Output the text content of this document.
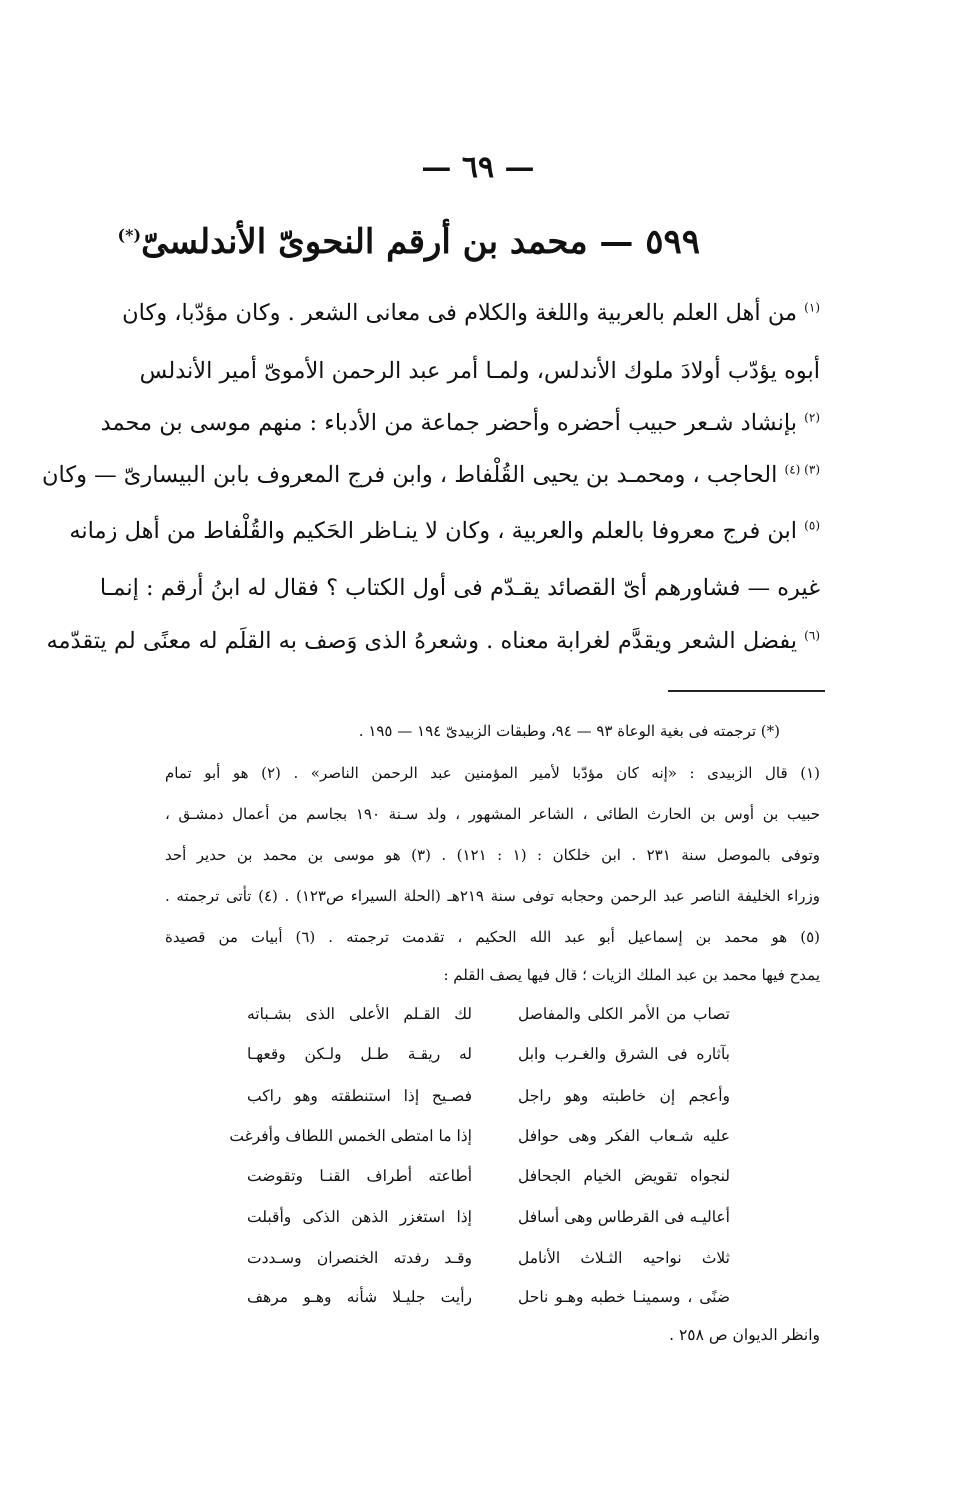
— ٦٩ —
٥٩٩ — محمد بن أرقم النحوىّ الأندلسىّ(*)
$^{(١)}$ من أهل العلم بالعربية واللغة والكلام فى معانى الشعر . وكان مؤدّبا، وكان
أبوه يؤدّب أولادَ ملوك الأندلس، ولمـا أمر عبد الرحمن الأموىّ أمير الأندلس
$^{(٢)}$ بإنشاد شـعر حبيب أحضره وأحضر جماعة من الأدباء : منهم موسى بن محمد
$^{(٣) (٤)}$ الحاجب ، ومحمـد بن يحيى القُلْفاط ، وابن فرج المعروف بابن البيسارىّ — وكان
$^{(٥)}$ ابن فرج معروفا بالعلم والعربية ، وكان لا ينـاظر الحَكيم والقُلْفاط من أهل زمانه
غيره — فشاورهم أىّ القصائد يقـدّم فى أول الكتاب ؟ فقال له ابنُ أرقم : إنمـا
$^{(٦)}$ يفضل الشعر ويقدَّم لغرابة معناه . وشعرهُ الذى وَصف به القلَم له معنًى لم يتقدّمه
(*) ترجمته فى بغية الوعاة ٩٣ — ٩٤، وطبقات الزبيدىّ ١٩٤ — ١٩٥ .
(١) قال الزبيدى : «إنه كان مؤدّبا لأمير المؤمنين عبد الرحمن الناصر» . (٢) هو أبو تمام
حبيب بن أوس بن الحارث الطائى ، الشاعر المشهور ، ولد سـنة ١٩٠ بجاسم من أعمال دمشـق ،
وتوفى بالموصل سنة ٢٣١ . ابن خلكان : (١ : ١٢١) . (٣) هو موسى بن محمد بن حدير أحد
وزراء الخليفة الناصر عبد الرحمن وحجابه توفى سنة ٢١٩هـ (الحلة السيراء ص١٢٣) . (٤) تأتى ترجمته .
(٥) هو محمد بن إسماعيل أبو عبد الله الحكيم ، تقدمت ترجمته . (٦) أبيات من قصيدة
يمدح فيها محمد بن عبد الملك الزيات ؛ قال فيها يصف القلم :
لك القـلم الأعلى الذى بشـباته	تصاب من الأمر الكلى والمفاصل
له ريقـة طـل ولـكن وقعهـا	بآثاره فى الشرق والغـرب وابل
فصـيح إذا استنطقته وهو راكب	وأعجم إن خاطبته وهو راجل
إذا ما امتطى الخمس اللطاف وأفرغت	عليه شـعاب الفكر وهى حوافل
أطاعته أطراف القنـا وتقوضت	لنجواه تقويض الخيام الجحافل
إذا استغزر الذهن الذكى وأقبلت	أعاليـه فى القرطاس وهى أسافل
وقـد رفدته الخنصران وسـددت	ثلاث نواحيه الثـلاث الأنامل
رأيت جليـلا شأنه وهـو مرهف	ضنًى ، وسمينـا خطبه وهـو ناحل
وانظر الديوان ص ٢٥٨ .
